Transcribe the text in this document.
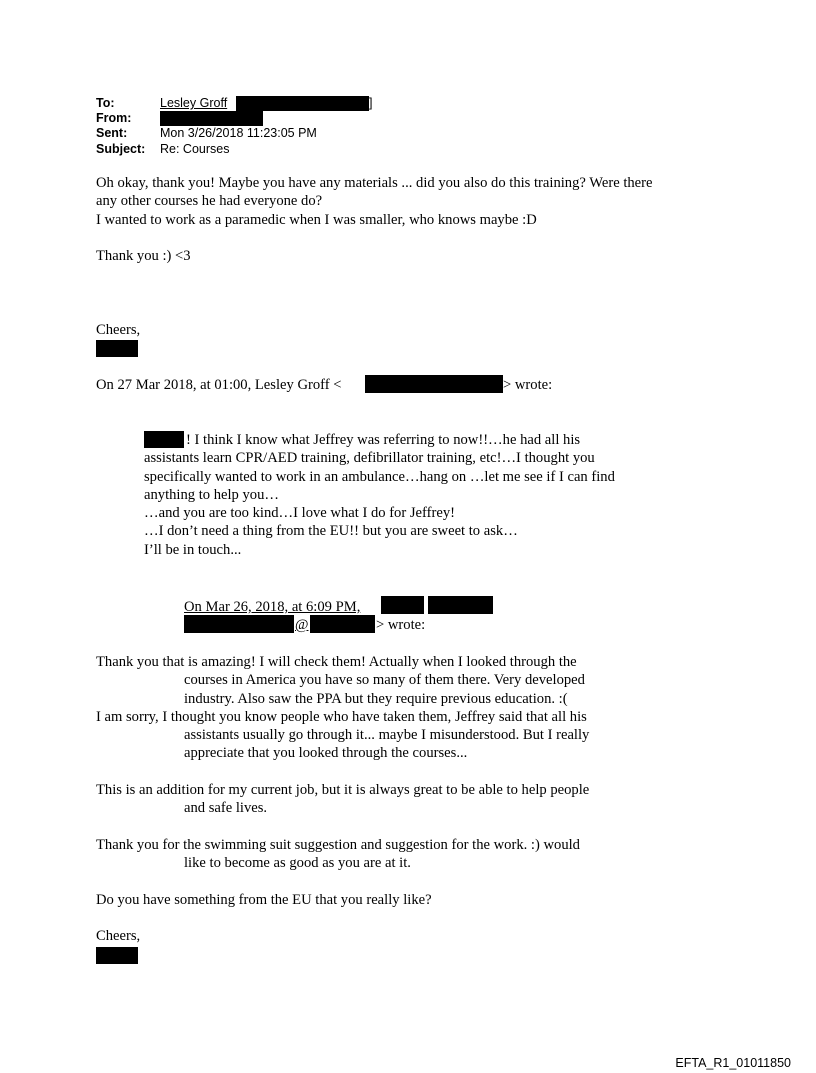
To:	Lesley Groff	]
From:
Sent:	Mon 3/26/2018 11:23:05 PM
Subject: Re: Courses

Oh okay, thank you! Maybe you have any materials ... did you also do this training? Were there

any other courses he had everyone do?

I wanted to work as a paramedic when I was smaller, who knows maybe :D

Thank you :) <3
Cheers,
On 27 Mar 2018, at 01:00, Lesley Groff <	> wrote:

! I think I know what Jeffrey was referring to now!!…he had all his

assistants learn CPR/AED training, defibrillator training, etc!…I thought you

specifically wanted to work in an ambulance…hang on …let me see if I can find

anything to help you…

…and you are too kind…I love what I do for Jeffrey!

…I don’t need a thing from the EU!! but you are sweet to ask…

I’ll be in touch...

On Mar 26, 2018, at 6:09 PM,
@	> wrote:

Thank you that is amazing! I will check them! Actually when I looked through the

courses in America you have so many of them there. Very developed

industry. Also saw the PPA but they require previous education. :(

I am sorry, I thought you know people who have taken them, Jeffrey said that all his

assistants usually go through it... maybe I misunderstood. But I really

appreciate that you looked through the courses...

This is an addition for my current job, but it is always great to be able to help people

and safe lives.

Thank you for the swimming suit suggestion and suggestion for the work. :) would

like to become as good as you are at it.

Do you have something from the EU that you really like?

Cheers,

EFTA_R1_01011850
